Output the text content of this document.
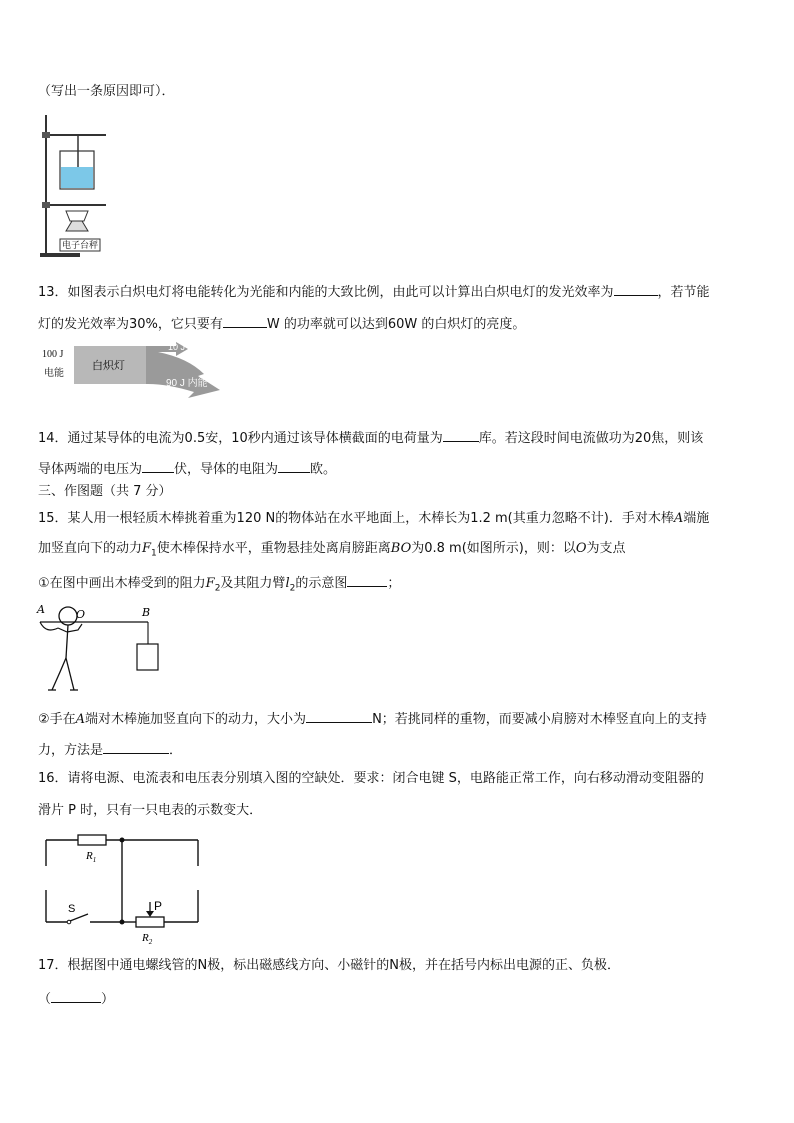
（写出一条原因即可）．
电子台秤
13．如图表示白炽电灯将电能转化为光能和内能的大致比例，由此可以计算出白炽电灯的发光效率为	，若节能
灯的发光效率为30%，它只要有	W 的功率就可以达到60W 的白炽灯的亮度。
100 J
电能
白炽灯
10 J 光能
90 J 内能
14．通过某导体的电流为0.5安，10秒内通过该导体横截面的电荷量为	库。若这段时间电流做功为20焦，则该
导体两端的电压为 伏，导体的电阻为 欧。
三、作图题（共 7 分）
15．某人用一根轻质木棒挑着重为120 N的物体站在水平地面上，木棒长为1.2 m(其重力忽略不计)．手对木棒A端施
加竖直向下的动力$F_1$使木棒保持水平，重物悬挂处离肩膀距离BO为0.8 m(如图所示)，则：以O为支点
①在图中画出木棒受到的阻力$F_2$及其阻力臂$l_2$的示意图	；
A	O	B
②手在A端对木棒施加竖直向下的动力，大小为	N；若挑同样的重物，而要减小肩膀对木棒竖直向上的支持
力，方法是	．
16．请将电源、电流表和电压表分别填入图的空缺处．要求：闭合电键 S，电路能正常工作，向右移动滑动变阻器的
滑片 P 时，只有一只电表的示数变大．
$R_1$
S	P
$R_2$
17．根据图中通电螺线管的N极，标出磁感线方向、小磁针的N极，并在括号内标出电源的正、负极．
（	）
